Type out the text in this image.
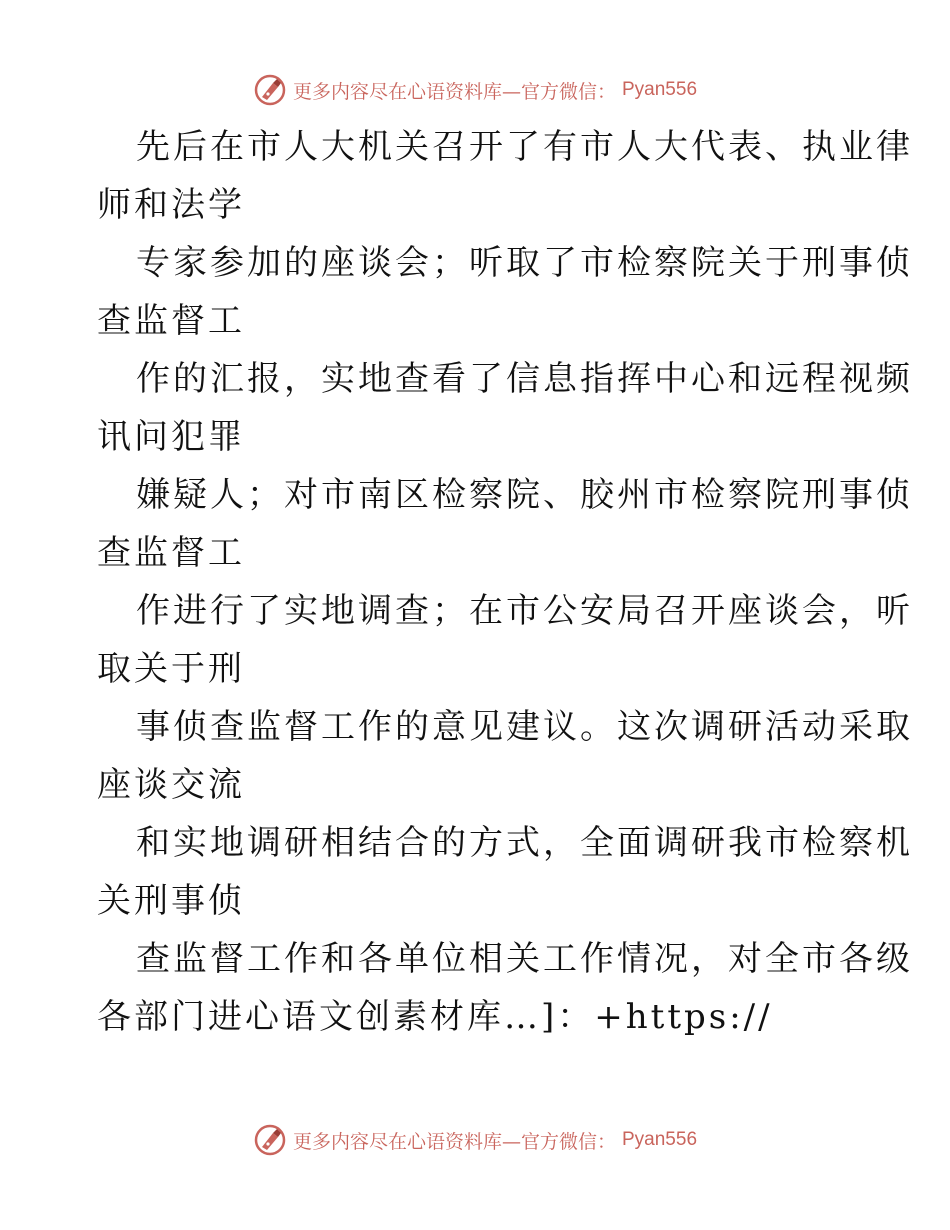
更多内容尽在心语资料库—官方微信： Pyan556
先后在市人大机关召开了有市人大代表、执业律
师和法学
专家参加的座谈会；听取了市检察院关于刑事侦
查监督工
作的汇报，实地查看了信息指挥中心和远程视频
讯问犯罪
嫌疑人；对市南区检察院、胶州市检察院刑事侦
查监督工
作进行了实地调查；在市公安局召开座谈会，听
取关于刑
事侦查监督工作的意见建议。这次调研活动采取
座谈交流
和实地调研相结合的方式，全面调研我市检察机
关刑事侦
查监督工作和各单位相关工作情况，对全市各级
各部门进心语文创素材库…]：+https://
更多内容尽在心语资料库—官方微信： Pyan556
